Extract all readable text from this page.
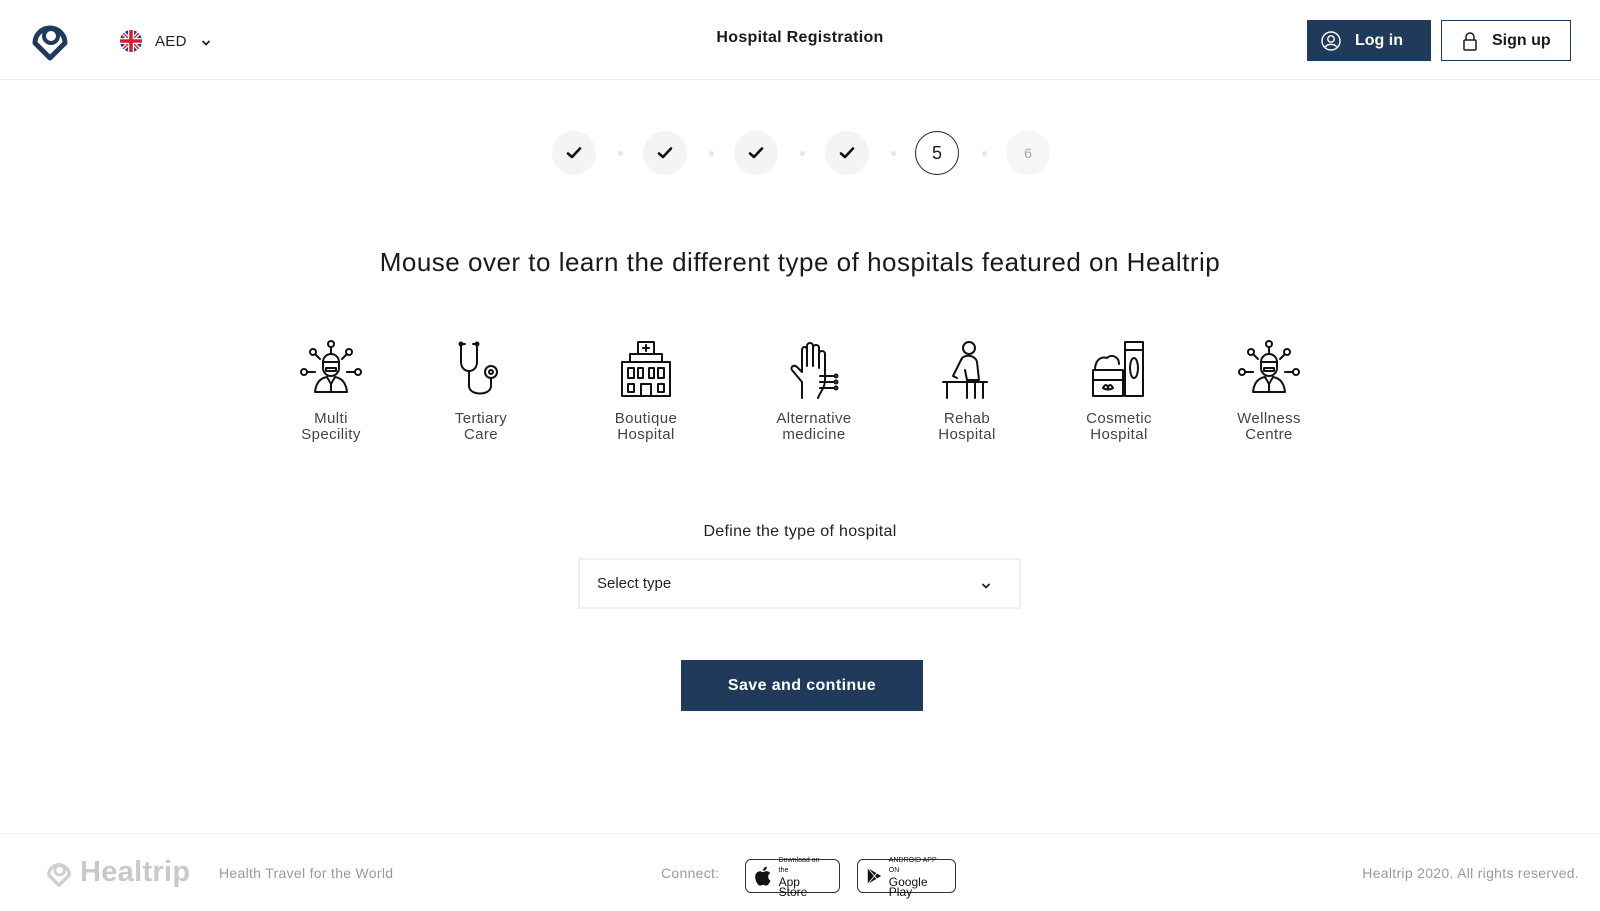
AED	Hospital Registration	Log in	Sign up
5	6
Mouse over to learn the different type of hospitals featured on Healtrip
Multi
Specility
Tertiary
Care
Boutique
Hospital
Alternative
medicine
Rehab
Hospital
Cosmetic
Hospital
Wellness
Centre
Define the type of hospital
Select type
Save and continue
Healtrip Health Travel for the World	Connect:
Download on the
App Store
ANDROID APP ON
Google Play
Healtrip 2020. All rights reserved.
